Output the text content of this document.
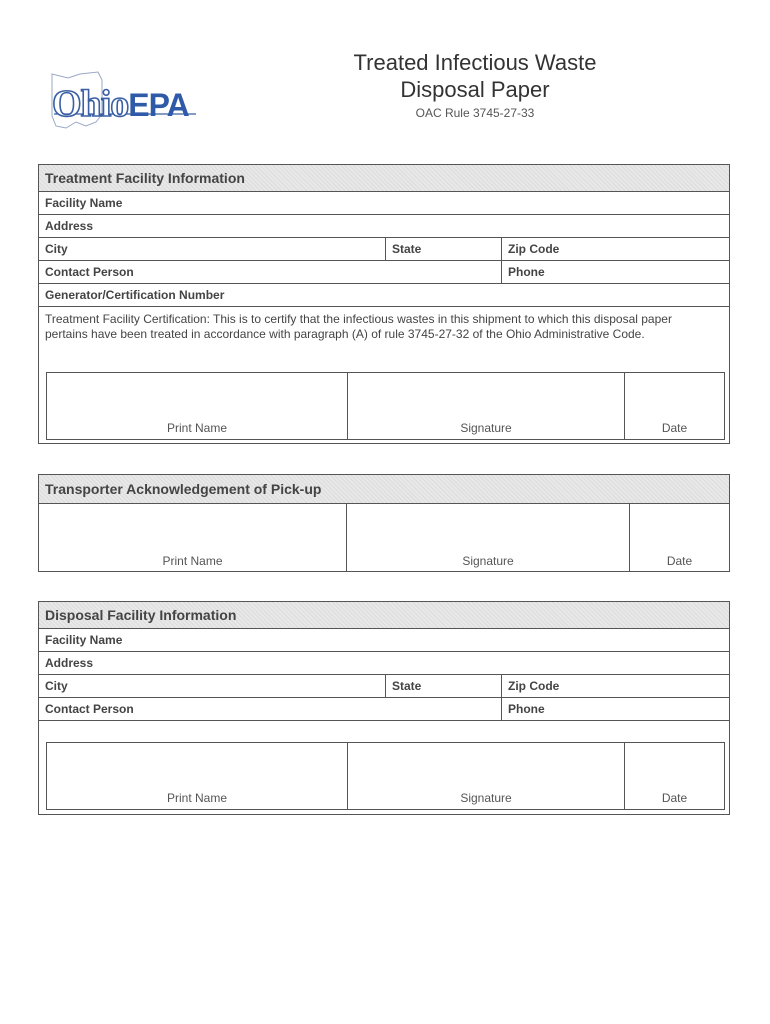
OhioEPA
Treated Infectious Waste
Disposal Paper
OAC Rule 3745-27-33
Treatment Facility Information
Facility Name
Address
City	State	Zip Code
Contact Person	Phone
Generator/Certification Number
Treatment Facility Certification: This is to certify that the infectious wastes in this shipment to which this disposal paper
pertains have been treated in accordance with paragraph (A) of rule 3745-27-32 of the Ohio Administrative Code.
Print Name	Signature	Date
Transporter Acknowledgement of Pick-up
Print Name	Signature	Date
Disposal Facility Information
Facility Name
Address
City	State	Zip Code
Contact Person	Phone
Print Name	Signature	Date
